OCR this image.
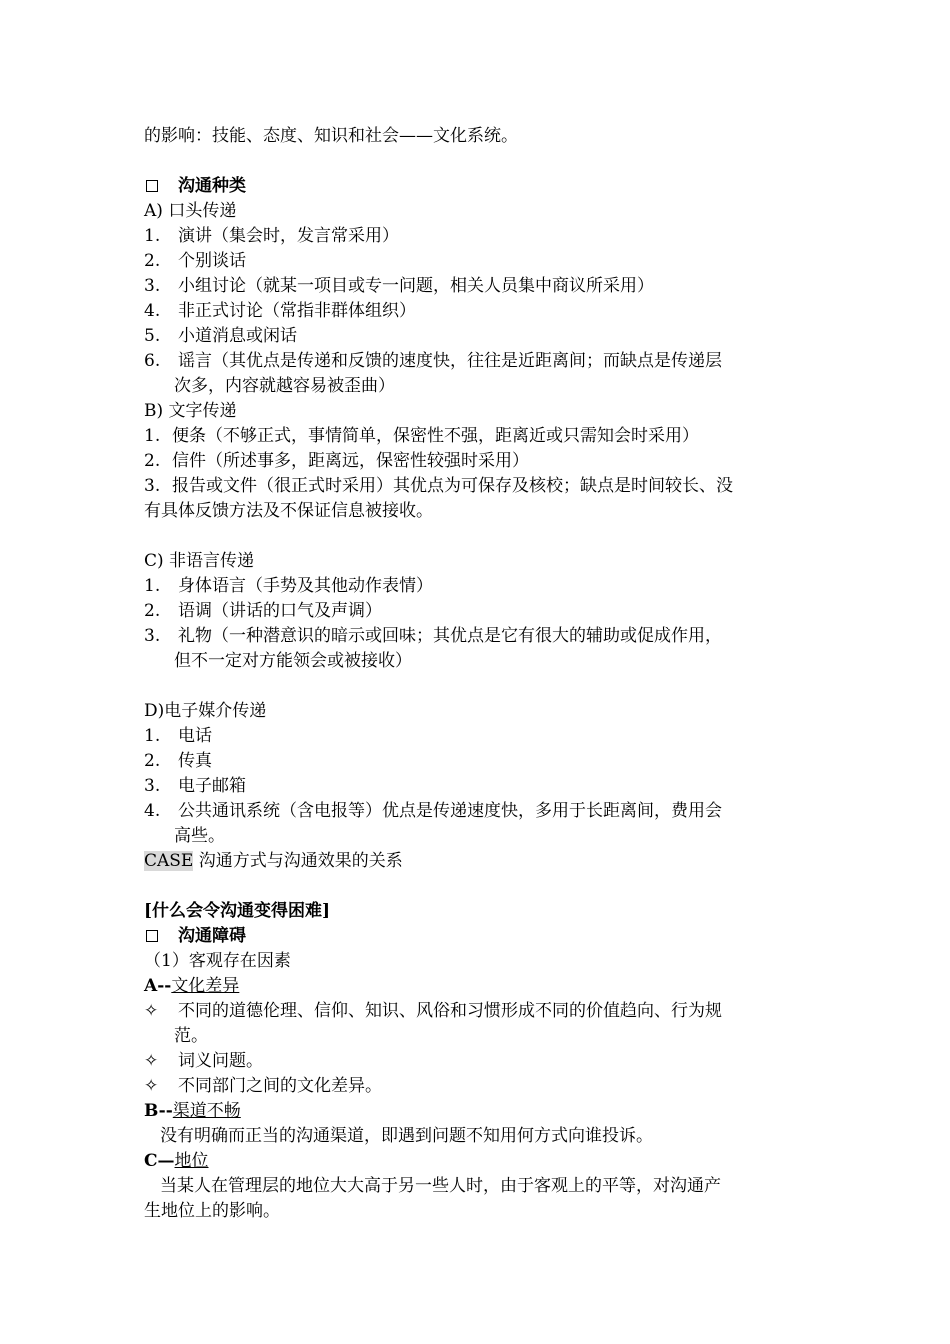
的影响：技能、态度、知识和社会——文化系统。
沟通种类
A) 口头传递
1. 演讲（集会时，发言常采用）
2. 个别谈话
3. 小组讨论（就某一项目或专一问题，相关人员集中商议所采用）
4. 非正式讨论（常指非群体组织）
5. 小道消息或闲话
6. 谣言（其优点是传递和反馈的速度快，往往是近距离间；而缺点是传递层
次多，内容就越容易被歪曲）
B) 文字传递
1. 便条（不够正式，事情简单，保密性不强，距离近或只需知会时采用）
2. 信件（所述事多，距离远，保密性较强时采用）
3. 报告或文件（很正式时采用）其优点为可保存及核校；缺点是时间较长、没
有具体反馈方法及不保证信息被接收。
C) 非语言传递
1. 身体语言（手势及其他动作表情）
2. 语调（讲话的口气及声调）
3. 礼物（一种潜意识的暗示或回味；其优点是它有很大的辅助或促成作用，
但不一定对方能领会或被接收）
D)电子媒介传递
1. 电话
2. 传真
3. 电子邮箱
4. 公共通讯系统（含电报等）优点是传递速度快，多用于长距离间，费用会
高些。
CASE 沟通方式与沟通效果的关系
[什么会令沟通变得困难]
沟通障碍
（1）客观存在因素
A--文化差异
✧ 不同的道德伦理、信仰、知识、风俗和习惯形成不同的价值趋向、行为规
范。
✧ 词义问题。
✧ 不同部门之间的文化差异。
B--渠道不畅
没有明确而正当的沟通渠道，即遇到问题不知用何方式向谁投诉。
C—地位
当某人在管理层的地位大大高于另一些人时，由于客观上的平等，对沟通产
生地位上的影响。
